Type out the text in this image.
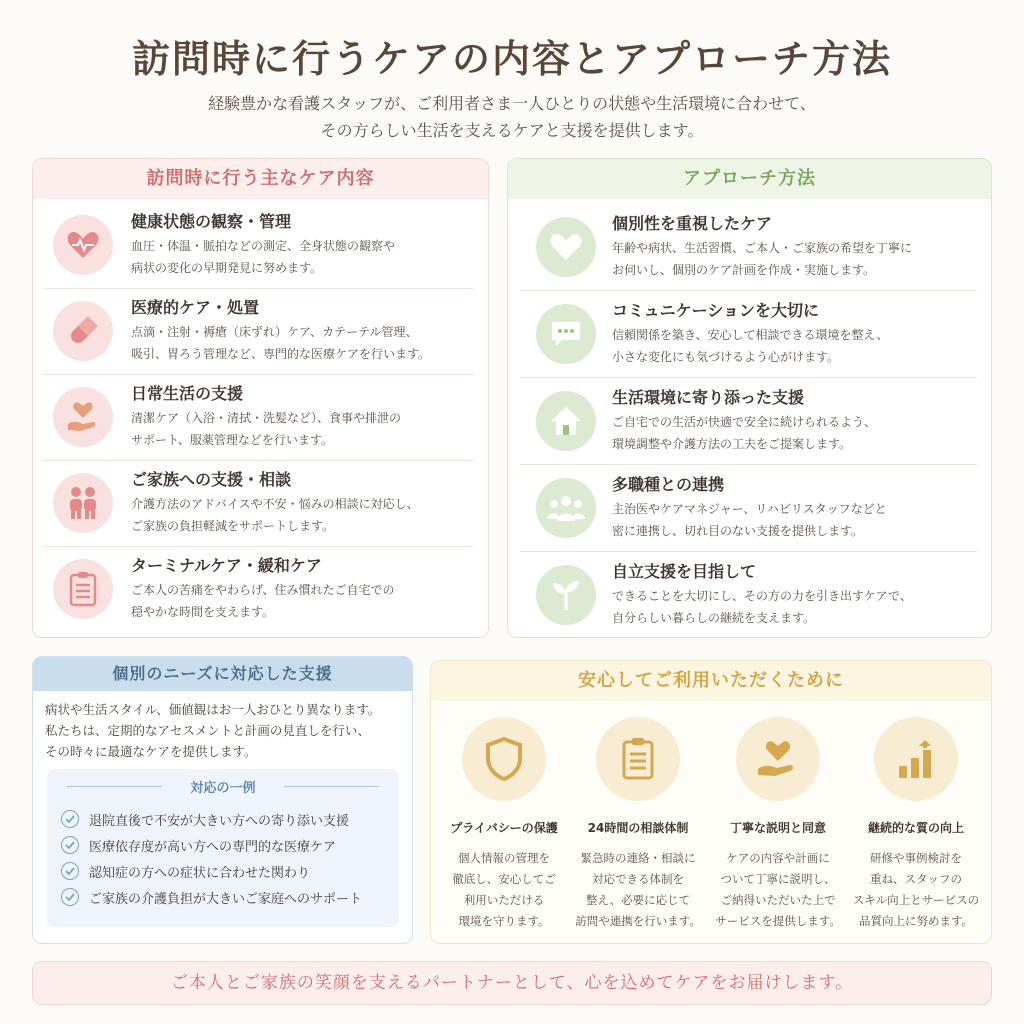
訪問時に行うケアの内容とアプローチ方法
経験豊かな看護スタッフが、ご利用者さま一人ひとりの状態や生活環境に合わせて、
その方らしい生活を支えるケアと支援を提供します。
訪問時に行う主なケア内容
健康状態の観察・管理
血圧・体温・脈拍などの測定、全身状態の観察や
病状の変化の早期発見に努めます。
医療的ケア・処置
点滴・注射・褥瘡（床ずれ）ケア、カテーテル管理、
吸引、胃ろう管理など、専門的な医療ケアを行います。
日常生活の支援
清潔ケア（入浴・清拭・洗髪など）、食事や排泄の
サポート、服薬管理などを行います。
ご家族への支援・相談
介護方法のアドバイスや不安・悩みの相談に対応し、
ご家族の負担軽減をサポートします。
ターミナルケア・緩和ケア
ご本人の苦痛をやわらげ、住み慣れたご自宅での
穏やかな時間を支えます。
アプローチ方法
個別性を重視したケア
年齢や病状、生活習慣、ご本人・ご家族の希望を丁寧に
お伺いし、個別のケア計画を作成・実施します。
コミュニケーションを大切に
信頼関係を築き、安心して相談できる環境を整え、
小さな変化にも気づけるよう心がけます。
生活環境に寄り添った支援
ご自宅での生活が快適で安全に続けられるよう、
環境調整や介護方法の工夫をご提案します。
多職種との連携
主治医やケアマネジャー、リハビリスタッフなどと
密に連携し、切れ目のない支援を提供します。
自立支援を目指して
できることを大切にし、その方の力を引き出すケアで、
自分らしい暮らしの継続を支えます。
個別のニーズに対応した支援
病状や生活スタイル、価値観はお一人おひとり異なります。
私たちは、定期的なアセスメントと計画の見直しを行い、
その時々に最適なケアを提供します。
対応の一例
退院直後で不安が大きい方への寄り添い支援
医療依存度が高い方への専門的な医療ケア
認知症の方への症状に合わせた関わり
ご家族の介護負担が大きいご家庭へのサポート
安心してご利用いただくために
プライバシーの保護
個人情報の管理を
徹底し、安心してご
利用いただける
環境を守ります。
24時間の相談体制
緊急時の連絡・相談に
対応できる体制を
整え、必要に応じて
訪問や連携を行います。
丁寧な説明と同意
ケアの内容や計画に
ついて丁寧に説明し、
ご納得いただいた上で
サービスを提供します。
継続的な質の向上
研修や事例検討を
重ね、スタッフの
スキル向上とサービスの
品質向上に努めます。
ご本人とご家族の笑顔を支えるパートナーとして、心を込めてケアをお届けします。
